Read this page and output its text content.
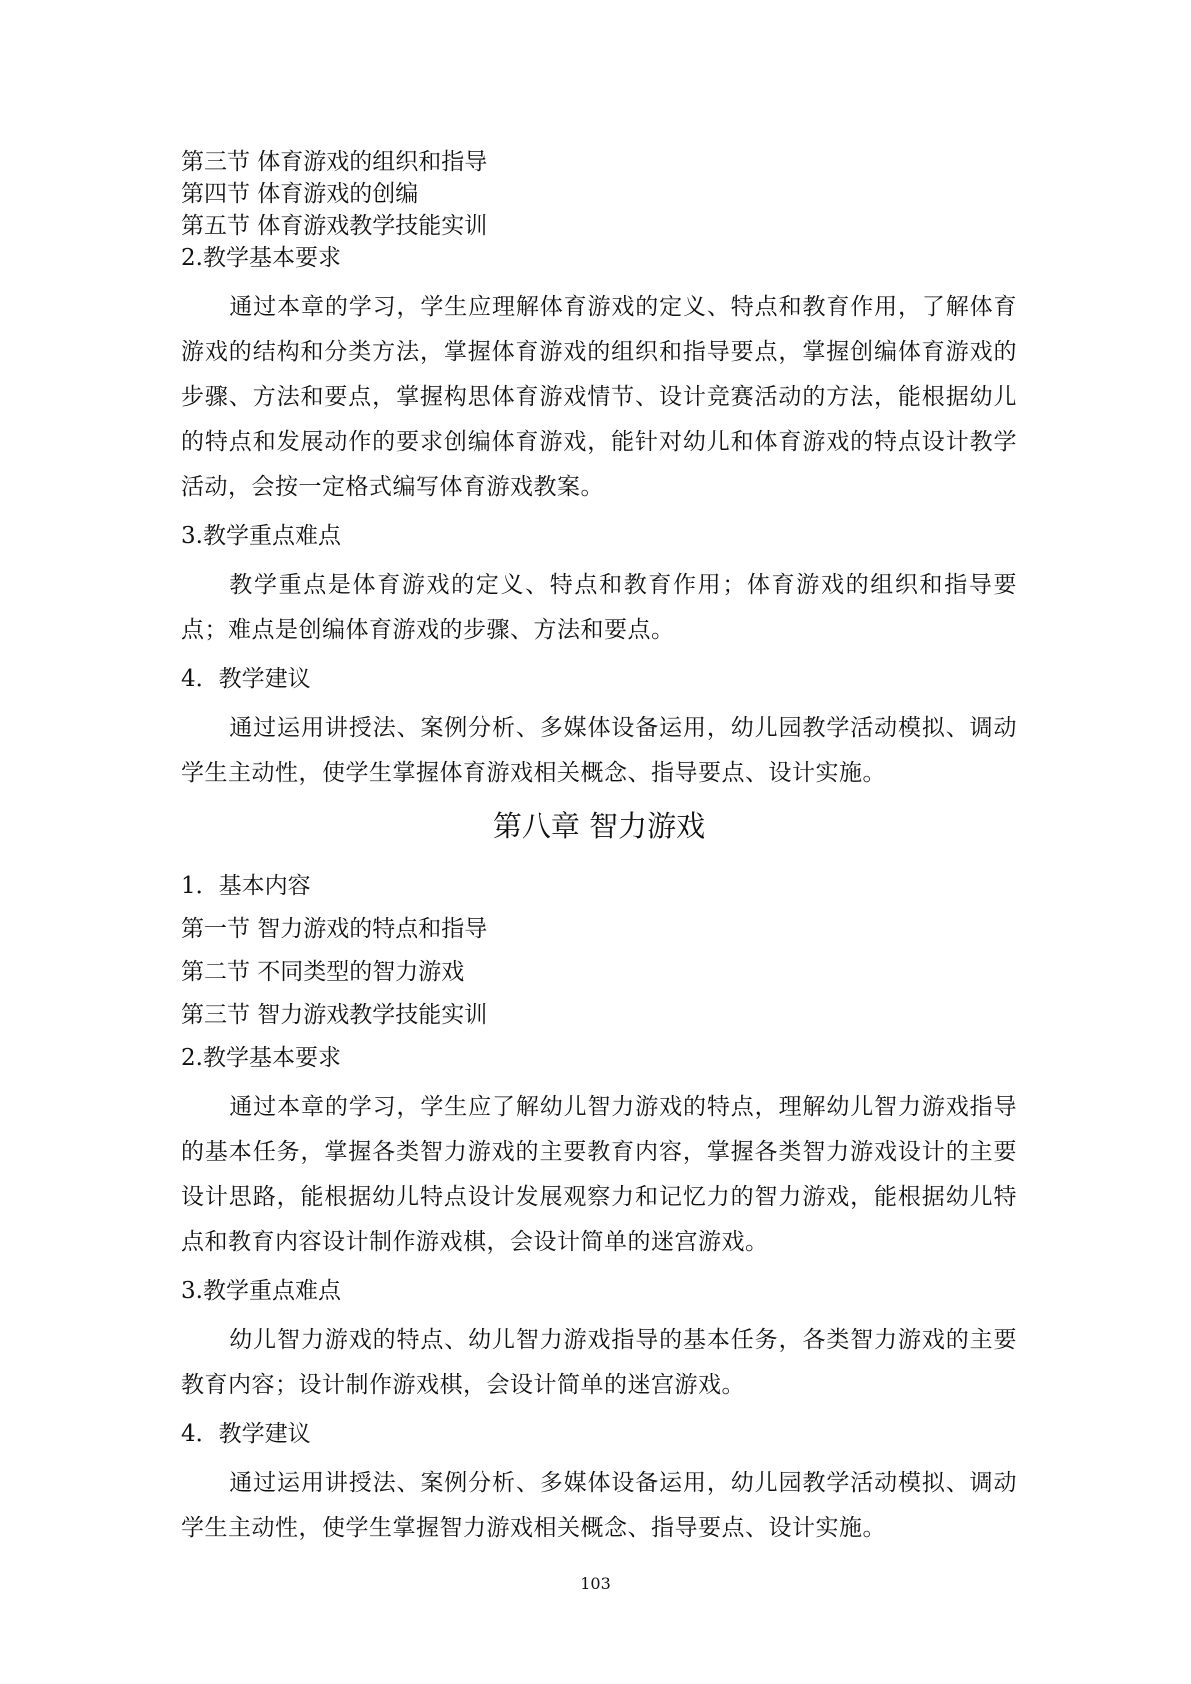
第三节 体育游戏的组织和指导

第四节 体育游戏的创编

第五节 体育游戏教学技能实训

2.教学基本要求

通过本章的学习，学生应理解体育游戏的定义、特点和教育作用，了解体育游戏的结构和分类方法，掌握体育游戏的组织和指导要点，掌握创编体育游戏的步骤、方法和要点，掌握构思体育游戏情节、设计竞赛活动的方法，能根据幼儿的特点和发展动作的要求创编体育游戏，能针对幼儿和体育游戏的特点设计教学活动，会按一定格式编写体育游戏教案。

3.教学重点难点

教学重点是体育游戏的定义、特点和教育作用；体育游戏的组织和指导要点；难点是创编体育游戏的步骤、方法和要点。

4．教学建议

通过运用讲授法、案例分析、多媒体设备运用，幼儿园教学活动模拟、调动学生主动性，使学生掌握体育游戏相关概念、指导要点、设计实施。

第八章 智力游戏

1．基本内容

第一节 智力游戏的特点和指导

第二节 不同类型的智力游戏

第三节 智力游戏教学技能实训

2.教学基本要求

通过本章的学习，学生应了解幼儿智力游戏的特点，理解幼儿智力游戏指导的基本任务，掌握各类智力游戏的主要教育内容，掌握各类智力游戏设计的主要设计思路，能根据幼儿特点设计发展观察力和记忆力的智力游戏，能根据幼儿特点和教育内容设计制作游戏棋，会设计简单的迷宫游戏。

3.教学重点难点

幼儿智力游戏的特点、幼儿智力游戏指导的基本任务，各类智力游戏的主要教育内容；设计制作游戏棋，会设计简单的迷宫游戏。

4．教学建议

通过运用讲授法、案例分析、多媒体设备运用，幼儿园教学活动模拟、调动学生主动性，使学生掌握智力游戏相关概念、指导要点、设计实施。

103
